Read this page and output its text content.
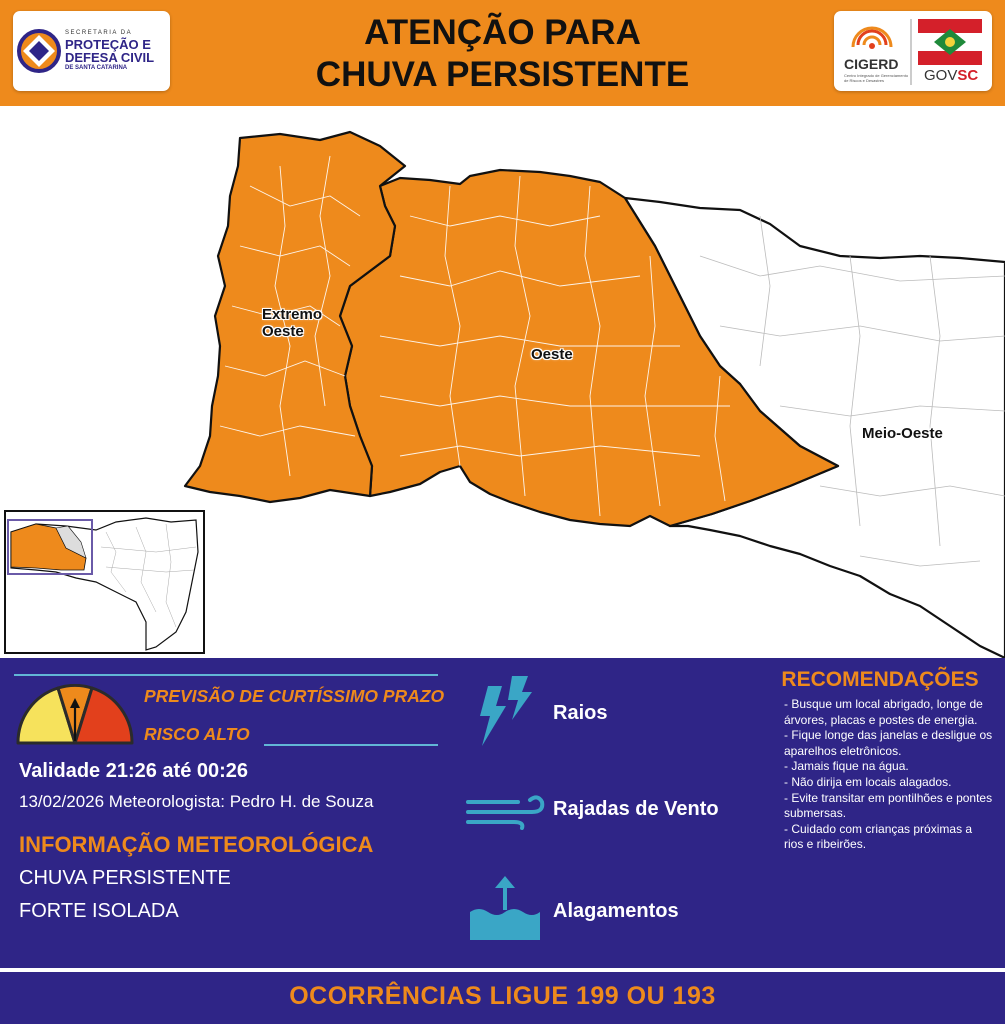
SECRETARIA DA
PROTEÇÃO E
DEFESA CIVIL
DE SANTA CATARINA
ATENÇÃO PARA
CHUVA PERSISTENTE	CIGERD
Centro Integrado de Gerenciamento
de Riscos e Desastres	GOVSC
Extremo
Oeste
Oeste
Meio-Oeste
PREVISÃO DE CURTÍSSIMO PRAZO
RISCO ALTO
Validade 21:26 até 00:26
13/02/2026 Meteorologista: Pedro H. de Souza
INFORMAÇÃO METEOROLÓGICA
CHUVA PERSISTENTE
FORTE ISOLADA
Raios
Rajadas de Vento
Alagamentos
RECOMENDAÇÕES
- Busque um local abrigado, longe de árvores, placas e postes de energia.
- Fique longe das janelas e desligue os aparelhos eletrônicos.
- Jamais fique na água.
- Não dirija em locais alagados.
- Evite transitar em pontilhões e pontes submersas.
- Cuidado com crianças próximas a rios e ribeirões.
OCORRÊNCIAS LIGUE 199 OU 193
